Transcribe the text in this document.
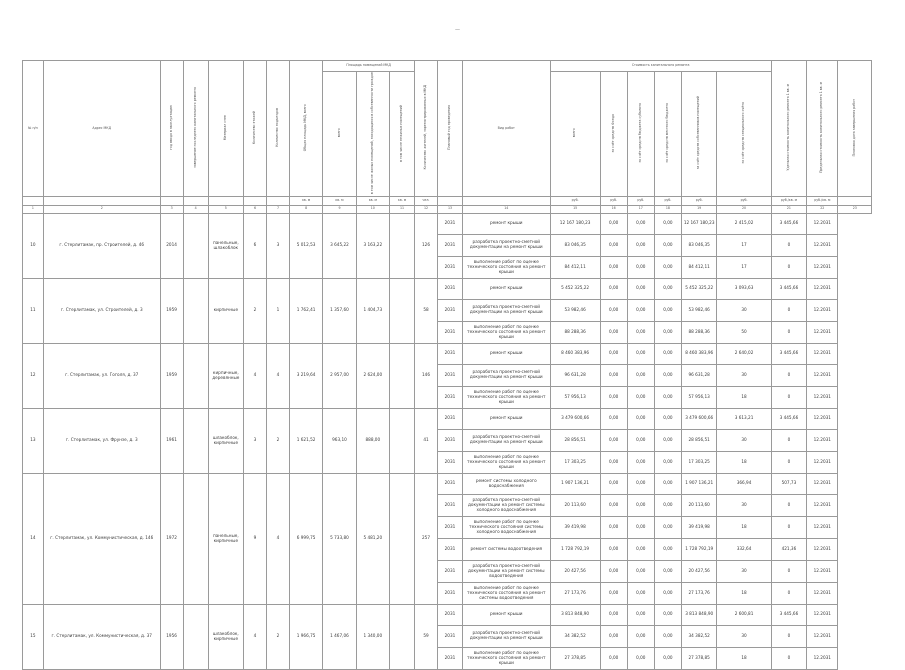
—
№ п/п	Адрес МКД	год ввода в эксплуатацию	завершение последнего капитального ремонта	Материал стен	Количество этажей	Количество подъездов	Общая площадь МКД, всего	Площадь помещений МКД			Количество жителей, зарегистрированных в МКД	Плановый год проведения	Вид работ	Стоимость капитального ремонта						Удельная стоимость капитального ремонта 1 кв. м	Предельная стоимость капитального ремонта 1 кв. м	Плановая дата завершения работ
								всего	в том числе жилых помещений, находящихся в собственности граждан	в том числе нежилых помещений				всего	за счёт средств Фонда	за счёт средств бюджета субъекта	за счёт средств местного бюджета	за счёт средств собственников помещений	за счёт средств специального счёта			
							кв. м	кв. м	кв. м	кв. м	чел.			руб.	руб.	руб.	руб.	руб.	руб.	руб./кв. м	руб./кв. м	
1	2	3	4	5	6	7	8	9	10	11	12	13	14	15	16	17	18	19	20	21	22	23
10	г. Стерлитамак, пр. Строителей, д. 46	2014		панельные, шлакоблок	6	3	5 012,53	3 645,22	3 163,22		126	2031	ремонт крыши	12 167 180,23	0,00	0,00	0,00	12 167 180,23	2 415,02	3 445,66	12.2031	
												2031	разработка проектно-сметной документации на ремонт крыши	83 046,35	0,00	0,00	0,00	83 046,35	17	0	12.2031	
												2031	выполнение работ по оценке технического состояния на ремонт крыши	84 412,11	0,00	0,00	0,00	84 412,11	17	0	12.2031	
11	г. Стерлитамак, ул. Строителей, д. 3	1959		кирпичные	2	1	1 762,41	1 357,60	1 404,73		58	2031	ремонт крыши	5 452 325,22	0,00	0,00	0,00	5 452 325,22	3 093,63	3 445,66	12.2031	
												2031	разработка проектно-сметной документации на ремонт крыши	53 982,46	0,00	0,00	0,00	53 982,46	30	0	12.2031	
												2031	выполнение работ по оценке технического состояния на ремонт крыши	88 288,36	0,00	0,00	0,00	88 288,36	50	0	12.2031	
12	г. Стерлитамак, ул. Гоголя, д. 37	1959		кирпичные, деревянные	4	4	3 219,64	2 957,00	2 624,00		146	2031	ремонт крыши	8 460 383,96	0,00	0,00	0,00	8 460 383,96	2 640,02	3 445,66	12.2031	
												2031	разработка проектно-сметной документации на ремонт крыши	96 631,28	0,00	0,00	0,00	96 631,28	30	0	12.2031	
												2031	выполнение работ по оценке технического состояния на ремонт крыши	57 956,13	0,00	0,00	0,00	57 956,13	18	0	12.2031	
13	г. Стерлитамак, ул. Фрунзе, д. 3	1961		шлакоблок, кирпичные	3	2	1 621,52	963,10	888,00		41	2031	ремонт крыши	3 479 600,66	0,00	0,00	0,00	3 479 600,66	3 613,21	3 445,66	12.2031	
												2031	разработка проектно-сметной документации на ремонт крыши	28 856,51	0,00	0,00	0,00	28 856,51	30	0	12.2031	
												2031	выполнение работ по оценке технического состояния на ремонт крыши	17 303,25	0,00	0,00	0,00	17 303,25	18	0	12.2031	
14	г. Стерлитамак, ул. Коммунистическая, д. 146	1972		панельные, кирпичные	9	4	6 999,75	5 733,80	5 481,20		257	2031	ремонт системы холодного водоснабжения	1 907 136,21	0,00	0,00	0,00	1 907 136,21	366,94	507,73	12.2031	
												2031	разработка проектно-сметной документации на ремонт системы холодного водоснабжения	20 113,60	0,00	0,00	0,00	20 113,60	30	0	12.2031	
												2031	выполнение работ по оценке технического состояния системы холодного водоснабжения	39 419,98	0,00	0,00	0,00	39 419,98	18	0	12.2031	
												2031	ремонт системы водоотведения	1 728 792,19	0,00	0,00	0,00	1 728 792,19	332,64	421,36	12.2031	
												2031	разработка проектно-сметной документации на ремонт системы водоотведения	20 427,56	0,00	0,00	0,00	20 427,56	30	0	12.2031	
												2031	выполнение работ по оценке технического состояния на ремонт системы водоотведения	27 173,76	0,00	0,00	0,00	27 173,76	18	0	12.2031	
15	г. Стерлитамак, ул. Коммунистическая, д. 37	1956		шлакоблок, кирпичные	4	2	1 966,75	1 467,06	1 340,00		59	2031	ремонт крыши	3 813 848,90	0,00	0,00	0,00	3 813 848,90	2 600,81	3 445,66	12.2031	
												2031	разработка проектно-сметной документации на ремонт крыши	34 382,52	0,00	0,00	0,00	34 382,52	30	0	12.2031	
												2031	выполнение работ по оценке технического состояния на ремонт крыши	27 378,85	0,00	0,00	0,00	27 378,85	18	0	12.2031	
